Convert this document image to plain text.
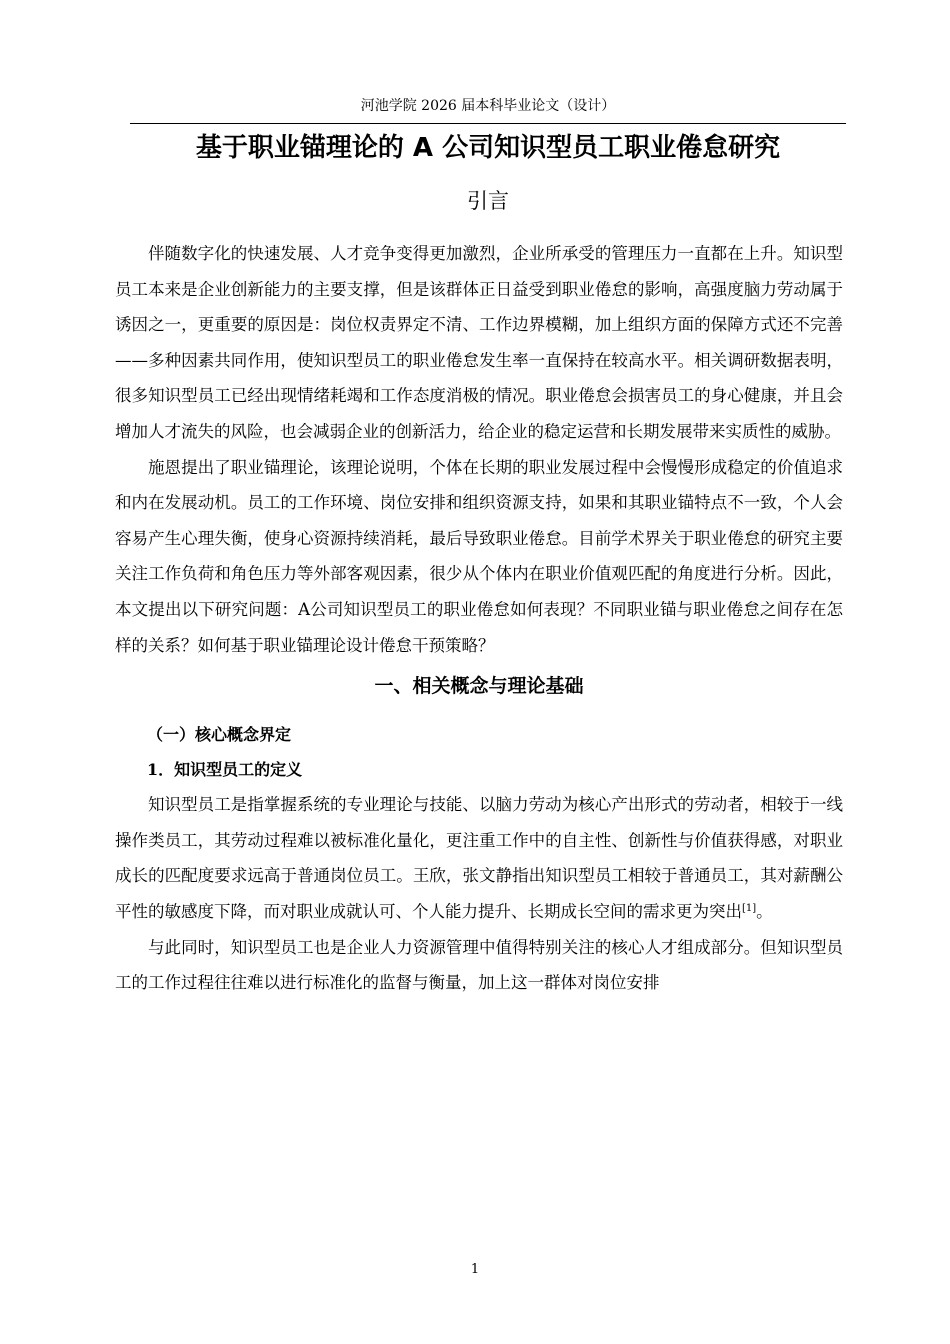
河池学院 2026 届本科毕业论文（设计）
基于职业锚理论的 A 公司知识型员工职业倦怠研究
引言

伴随数字化的快速发展、人才竞争变得更加激烈，企业所承受的管理压力一直都在上升。知识型员工本来是企业创新能力的主要支撑，但是该群体正日益受到职业倦怠的影响，高强度脑力劳动属于诱因之一，更重要的原因是：岗位权责界定不清、工作边界模糊，加上组织方面的保障方式还不完善——多种因素共同作用，使知识型员工的职业倦怠发生率一直保持在较高水平。相关调研数据表明，很多知识型员工已经出现情绪耗竭和工作态度消极的情况。职业倦怠会损害员工的身心健康，并且会增加人才流失的风险，也会减弱企业的创新活力，给企业的稳定运营和长期发展带来实质性的威胁。

施恩提出了职业锚理论，该理论说明，个体在长期的职业发展过程中会慢慢形成稳定的价值追求和内在发展动机。员工的工作环境、岗位安排和组织资源支持，如果和其职业锚特点不一致，个人会容易产生心理失衡，使身心资源持续消耗，最后导致职业倦怠。目前学术界关于职业倦怠的研究主要关注工作负荷和角色压力等外部客观因素，很少从个体内在职业价值观匹配的角度进行分析。因此，本文提出以下研究问题：A公司知识型员工的职业倦怠如何表现？不同职业锚与职业倦怠之间存在怎样的关系？如何基于职业锚理论设计倦怠干预策略？

一、相关概念与理论基础
（一）核心概念界定
1．知识型员工的定义

知识型员工是指掌握系统的专业理论与技能、以脑力劳动为核心产出形式的劳动者，相较于一线操作类员工，其劳动过程难以被标准化量化，更注重工作中的自主性、创新性与价值获得感，对职业成长的匹配度要求远高于普通岗位员工。王欣，张文静指出知识型员工相较于普通员工，其对薪酬公平性的敏感度下降，而对职业成就认可、个人能力提升、长期成长空间的需求更为突出[1]。

与此同时，知识型员工也是企业人力资源管理中值得特别关注的核心人才组成部分。但知识型员工的工作过程往往难以进行标准化的监督与衡量，加上这一群体对岗位安排

1
